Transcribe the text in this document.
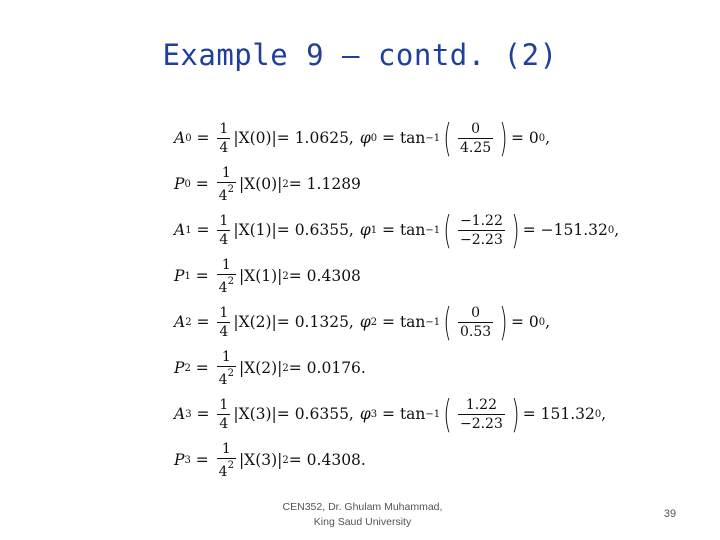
Example 9 – contd. (2)
A $0 = \frac{1}{4} |X(0)| = 1.0625$, φ 0 = tan −1 ( $\frac{0}{4.25}$ ) = 0 0 ,
P $0 = \frac{1}{4^2} |X(0)|$ 2 = 1.1289
A $1 = \frac{1}{4} |X(1)| = 0.6355$, φ 1 = tan −1 ( $\frac{-1.22}{-2.23}$ ) = −151.32 0 ,
P $1 = \frac{1}{4^2} |X(1)|$ 2 = 0.4308
A $2 = \frac{1}{4} |X(2)| = 0.1325$, φ 2 = tan −1 ( $\frac{0}{0.53}$ ) = 0 0 ,
P $2 = \frac{1}{4^2} |X(2)|$ 2 = 0.0176.
A $3 = \frac{1}{4} |X(3)| = 0.6355$, φ 3 = tan −1 ( $\frac{1.22}{-2.23}$ ) = 151.32 0 ,
P $3 = \frac{1}{4^2} |X(3)|$ 2 = 0.4308.
CEN352, Dr. Ghulam Muhammad,
King Saud University
39
